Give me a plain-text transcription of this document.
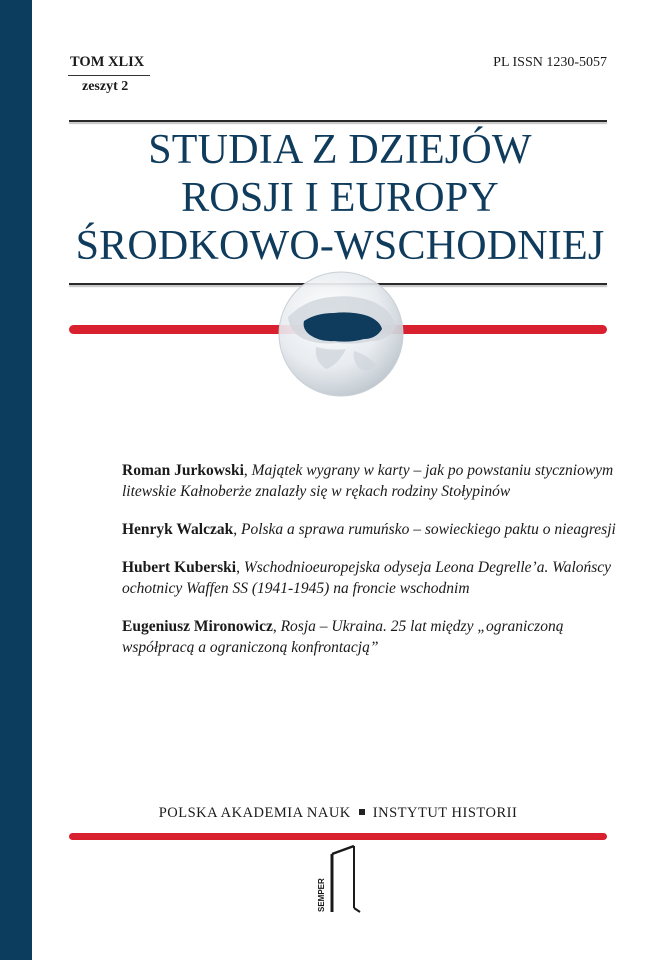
TOM XLIX
zeszyt 2
PL ISSN 1230-5057
STUDIA Z DZIEJÓW
ROSJI I EUROPY
ŚRODKOWO-WSCHODNIEJ
Roman Jurkowski, Majątek wygrany w karty – jak po powstaniu styczniowym litewskie Kałnoberże znalazły się w rękach rodziny Stołypinów
Henryk Walczak, Polska a sprawa rumuńsko – sowieckiego paktu o nieagresji
Hubert Kuberski, Wschodnioeuropejska odyseja Leona Degrelle’a. Walońscy ochotnicy Waffen SS (1941-1945) na froncie wschodnim
Eugeniusz Mironowicz, Rosja – Ukraina. 25 lat między „ograniczoną współpracą a ograniczoną konfrontacją”
POLSKA AKADEMIA NAUK INSTYTUT HISTORII
SEMPER
